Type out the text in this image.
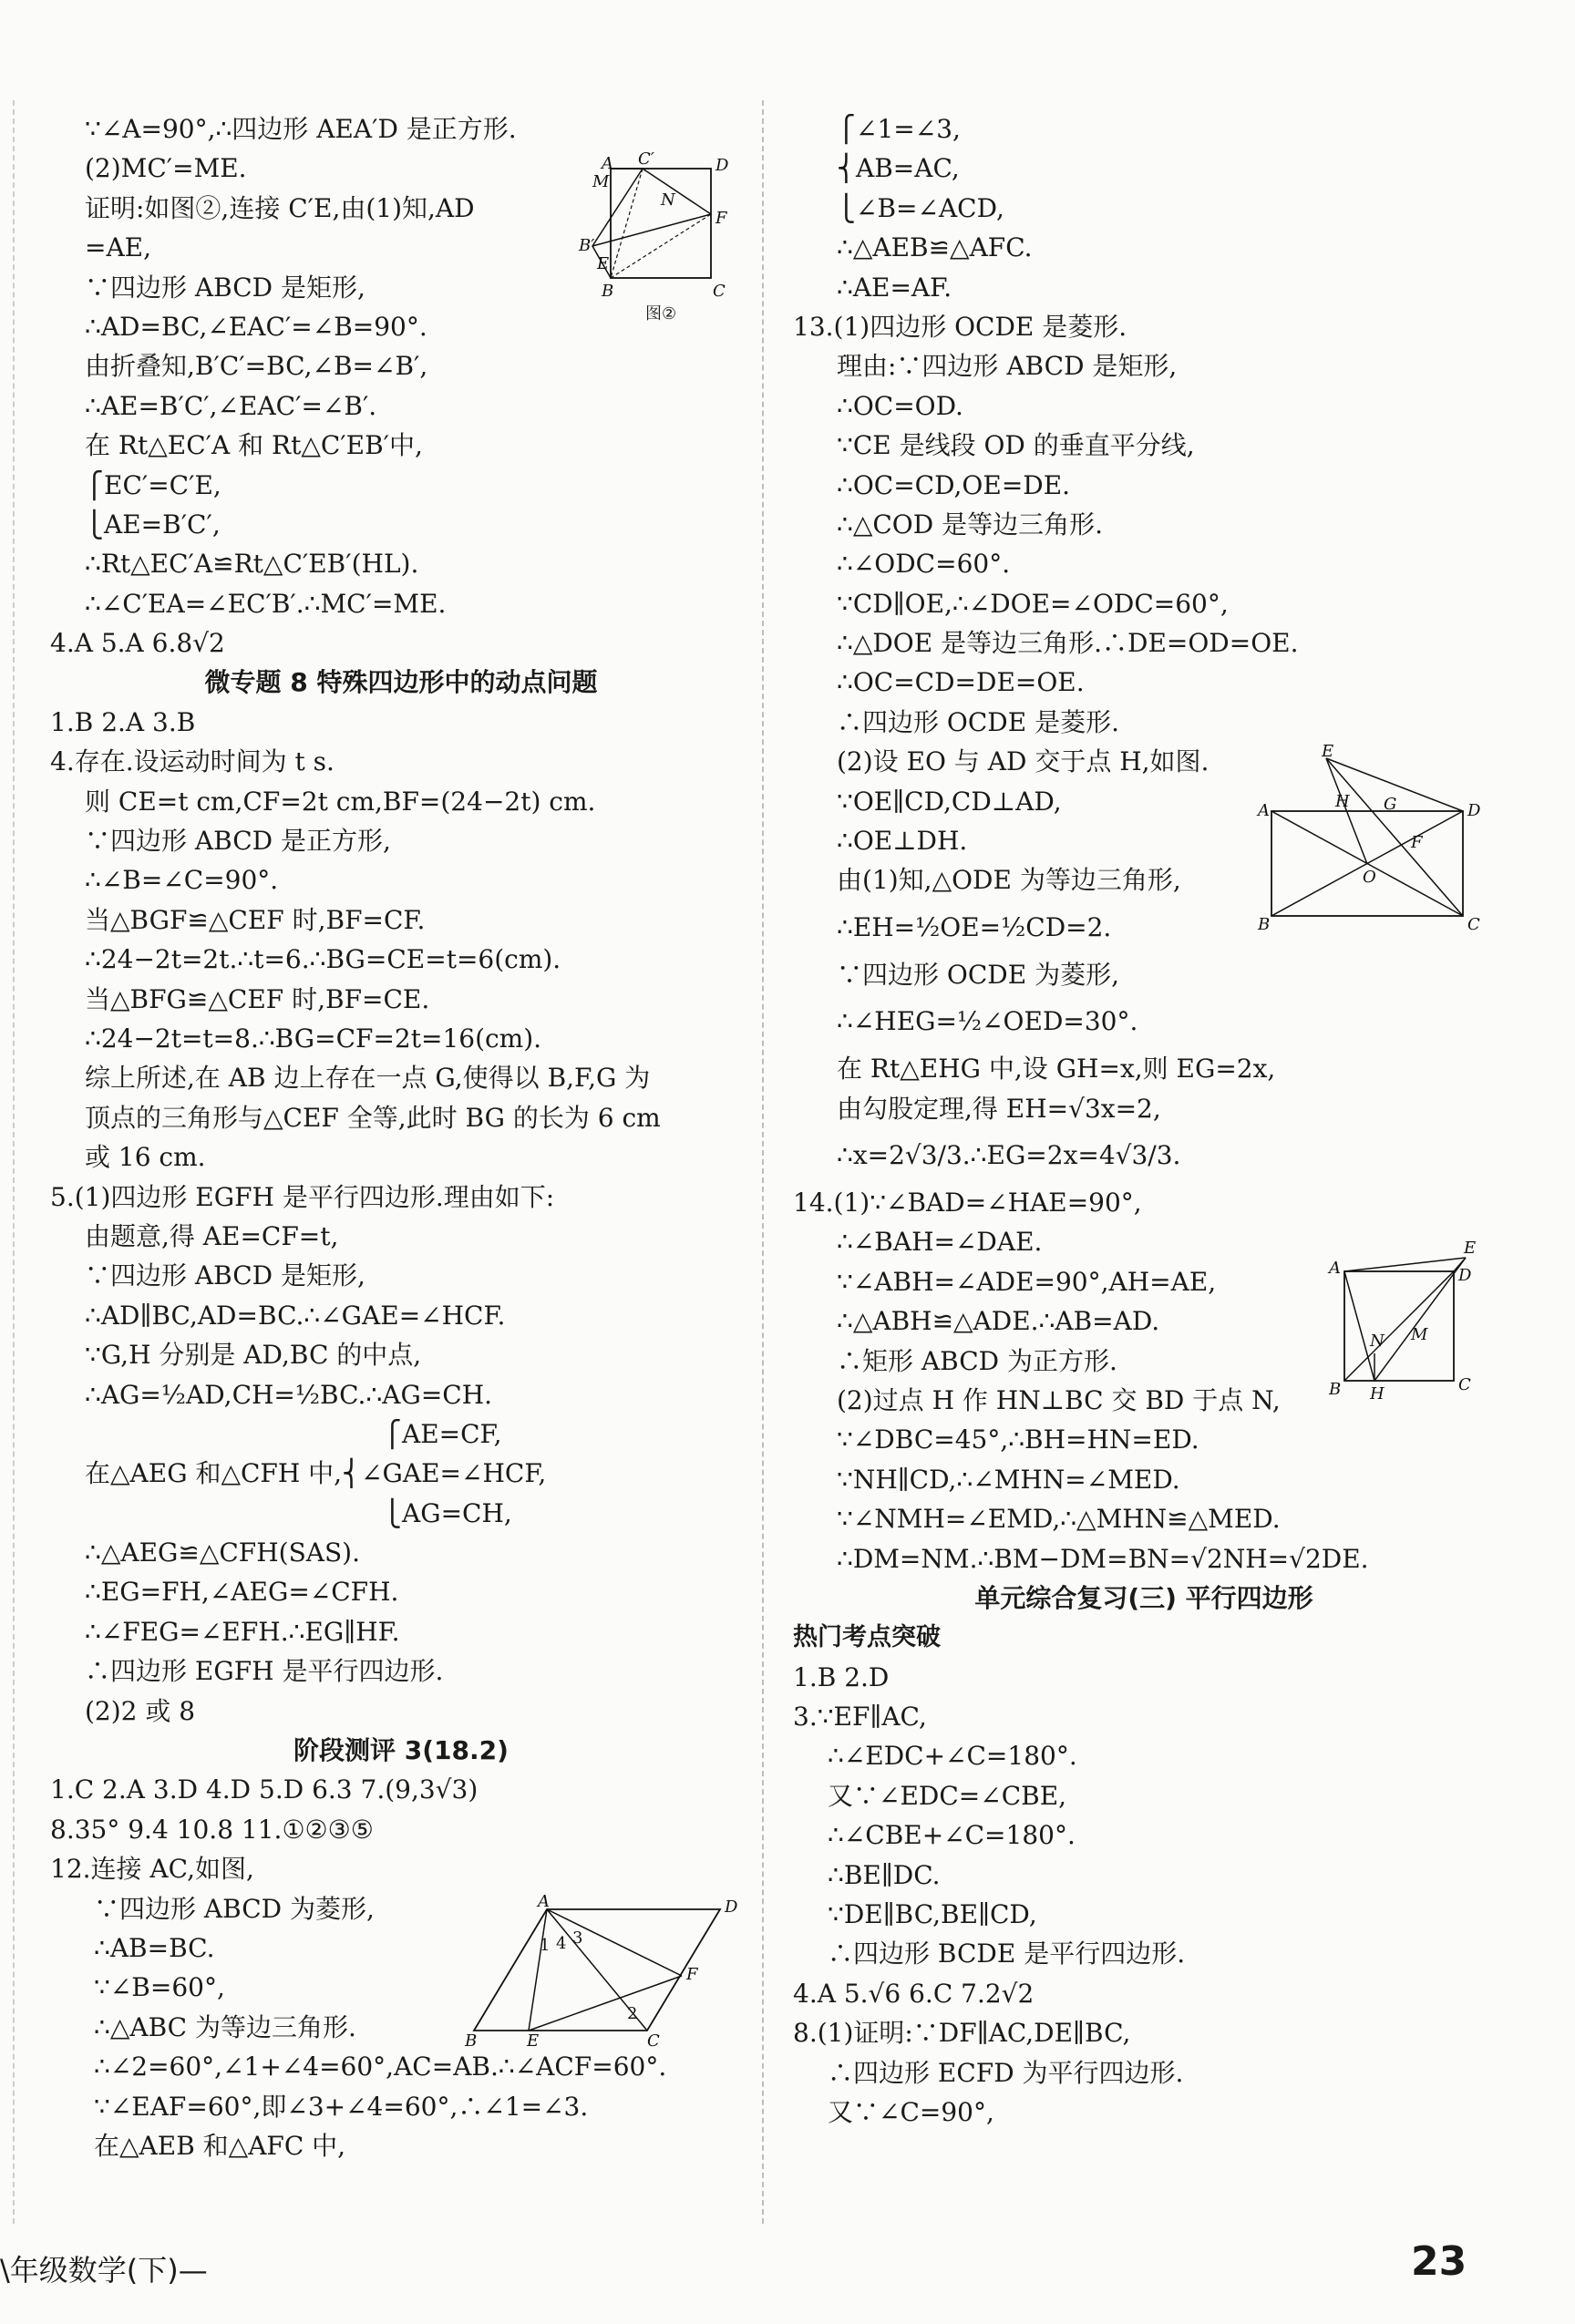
∵∠A=90°,∴四边形 AEA′D 是正方形.
(2)MC′=ME.
证明:如图②,连接 C′E,由(1)知,AD
=AE,
∵四边形 ABCD 是矩形,
∴AD=BC,∠EAC′=∠B=90°.
由折叠知,B′C′=BC,∠B=∠B′,
∴AE=B′C′,∠EAC′=∠B′.
在 Rt△EC′A 和 Rt△C′EB′中,
⎧EC′=C′E,
⎩AE=B′C′,
∴Rt△EC′A≌Rt△C′EB′(HL).
∴∠C′EA=∠EC′B′.∴MC′=ME.
4.A 5.A 6.8√2
微专题 8 特殊四边形中的动点问题
1.B 2.A 3.B
4.存在.设运动时间为 t s.
则 CE=t cm,CF=2t cm,BF=(24−2t) cm.
∵四边形 ABCD 是正方形,
∴∠B=∠C=90°.
当△BGF≌△CEF 时,BF=CF.
∴24−2t=2t.∴t=6.∴BG=CE=t=6(cm).
当△BFG≌△CEF 时,BF=CE.
∴24−2t=t=8.∴BG=CF=2t=16(cm).
综上所述,在 AB 边上存在一点 G,使得以 B,F,G 为
顶点的三角形与△CEF 全等,此时 BG 的长为 6 cm
或 16 cm.
5.(1)四边形 EGFH 是平行四边形.理由如下:
由题意,得 AE=CF=t,
∵四边形 ABCD 是矩形,
∴AD∥BC,AD=BC.∴∠GAE=∠HCF.
∵G,H 分别是 AD,BC 的中点,
∴AG=½AD,CH=½BC.∴AG=CH.
⎧AE=CF,
在△AEG 和△CFH 中,⎨∠GAE=∠HCF,
⎩AG=CH,
∴△AEG≌△CFH(SAS).
∴EG=FH,∠AEG=∠CFH.
∴∠FEG=∠EFH.∴EG∥HF.
∴四边形 EGFH 是平行四边形.
(2)2 或 8
阶段测评 3(18.2)
1.C 2.A 3.D 4.D 5.D 6.3 7.(9,3√3)
8.35° 9.4 10.8 11.①②③⑤
12.连接 AC,如图,
∵四边形 ABCD 为菱形,
∴AB=BC.
∵∠B=60°,
∴△ABC 为等边三角形.
∴∠2=60°,∠1+∠4=60°,AC=AB.∴∠ACF=60°.
∵∠EAF=60°,即∠3+∠4=60°,∴∠1=∠3.
在△AEB 和△AFC 中,
⎧∠1=∠3,
⎨AB=AC,
⎩∠B=∠ACD,
∴△AEB≌△AFC.
∴AE=AF.
13.(1)四边形 OCDE 是菱形.
理由:∵四边形 ABCD 是矩形,
∴OC=OD.
∵CE 是线段 OD 的垂直平分线,
∴OC=CD,OE=DE.
∴△COD 是等边三角形.
∴∠ODC=60°.
∵CD∥OE,∴∠DOE=∠ODC=60°,
∴△DOE 是等边三角形.∴DE=OD=OE.
∴OC=CD=DE=OE.
∴四边形 OCDE 是菱形.
(2)设 EO 与 AD 交于点 H,如图.
∵OE∥CD,CD⊥AD,
∴OE⊥DH.
由(1)知,△ODE 为等边三角形,
∴EH=½OE=½CD=2.
∵四边形 OCDE 为菱形,
∴∠HEG=½∠OED=30°.
在 Rt△EHG 中,设 GH=x,则 EG=2x,
由勾股定理,得 EH=√3x=2,
∴x=2√3/3.∴EG=2x=4√3/3.
14.(1)∵∠BAD=∠HAE=90°,
∴∠BAH=∠DAE.
∵∠ABH=∠ADE=90°,AH=AE,
∴△ABH≌△ADE.∴AB=AD.
∴矩形 ABCD 为正方形.
(2)过点 H 作 HN⊥BC 交 BD 于点 N,
∵∠DBC=45°,∴BH=HN=ED.
∵NH∥CD,∴∠MHN=∠MED.
∵∠NMH=∠EMD,∴△MHN≌△MED.
∴DM=NM.∴BM−DM=BN=√2NH=√2DE.
单元综合复习(三) 平行四边形
热门考点突破
1.B 2.D
3.∵EF∥AC,
∴∠EDC+∠C=180°.
又∵∠EDC=∠CBE,
∴∠CBE+∠C=180°.
∴BE∥DC.
∵DE∥BC,BE∥CD,
∴四边形 BCDE 是平行四边形.
4.A 5.√6 6.C 7.2√2
8.(1)证明:∵DF∥AC,DE∥BC,
∴四边形 ECFD 为平行四边形.
又∵∠C=90°,
A C′	D
M
N
B′
E
F
B	C
图②
A	D
B	E	C
F
1 4 3
2
E
A	D
H G
F
O
B	C
A
E
D
B H	C
N M
\年级数学(下)—	23
